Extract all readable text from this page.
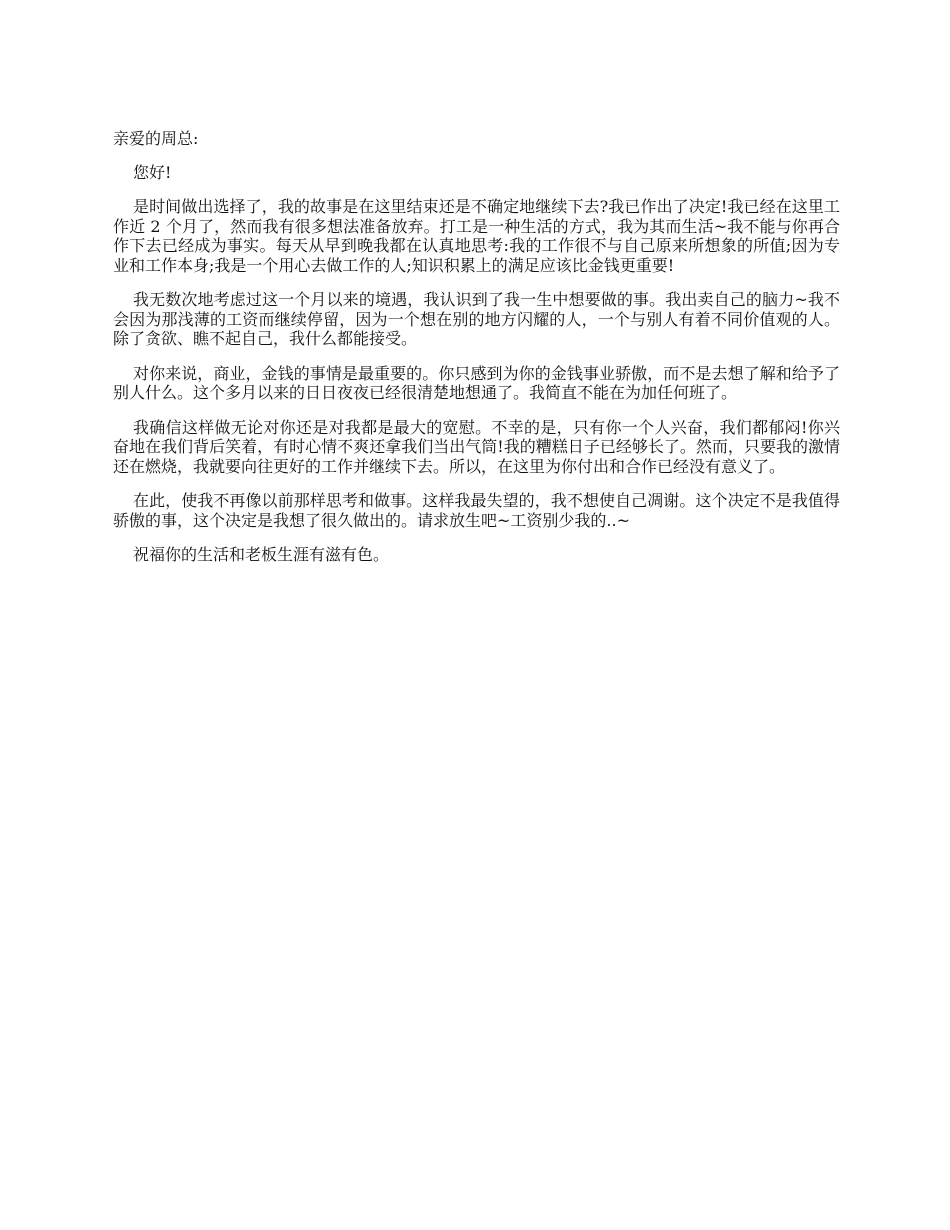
亲爱的周总:

您好!

是时间做出选择了，我的故事是在这里结束还是不确定地继续下去?我已作出了决定!我已经在这里工作近 2 个月了，然而我有很多想法准备放弃。打工是一种生活的方式，我为其而生活~我不能与你再合作下去已经成为事实。每天从早到晚我都在认真地思考:我的工作很不与自己原来所想象的所值;因为专业和工作本身;我是一个用心去做工作的人;知识积累上的满足应该比金钱更重要!

我无数次地考虑过这一个月以来的境遇，我认识到了我一生中想要做的事。我出卖自己的脑力~我不会因为那浅薄的工资而继续停留，因为一个想在别的地方闪耀的人，一个与别人有着不同价值观的人。除了贪欲、瞧不起自己，我什么都能接受。

对你来说，商业，金钱的事情是最重要的。你只感到为你的金钱事业骄傲，而不是去想了解和给予了别人什么。这个多月以来的日日夜夜已经很清楚地想通了。我简直不能在为加任何班了。

我确信这样做无论对你还是对我都是最大的宽慰。不幸的是，只有你一个人兴奋，我们都郁闷!你兴奋地在我们背后笑着，有时心情不爽还拿我们当出气筒!我的糟糕日子已经够长了。然而，只要我的激情还在燃烧，我就要向往更好的工作并继续下去。所以，在这里为你付出和合作已经没有意义了。

在此，使我不再像以前那样思考和做事。这样我最失望的，我不想使自己凋谢。这个决定不是我值得骄傲的事，这个决定是我想了很久做出的。请求放生吧~工资别少我的..~

祝福你的生活和老板生涯有滋有色。
